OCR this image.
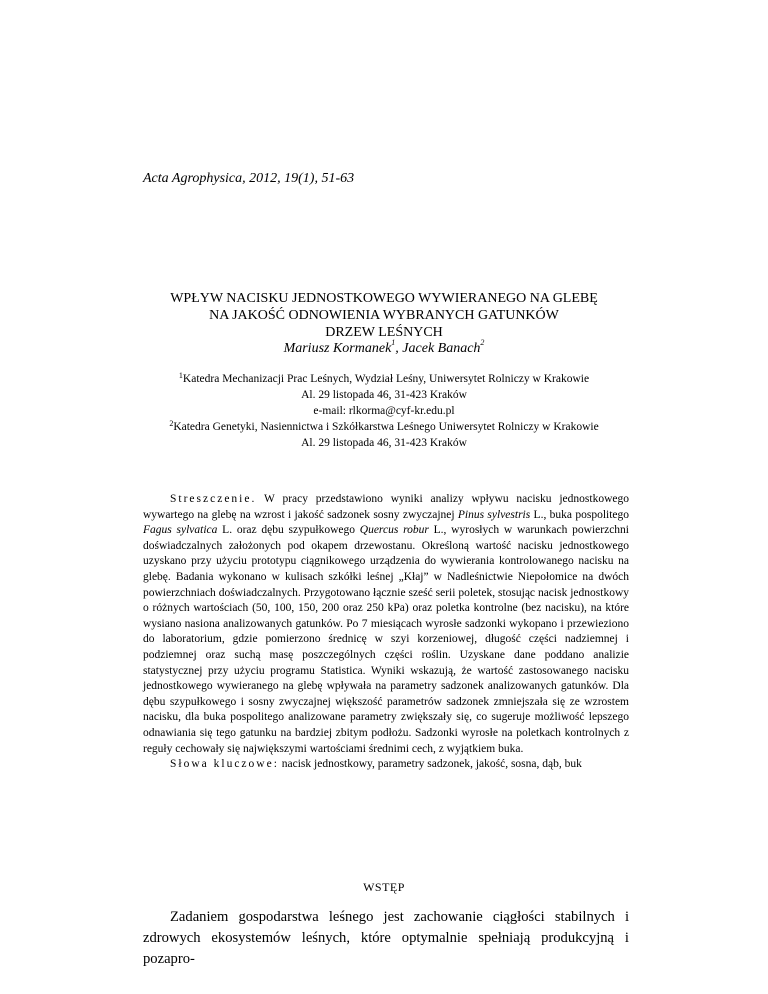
Acta Agrophysica, 2012, 19(1), 51-63
WPŁYW NACISKU JEDNOSTKOWEGO WYWIERANEGO NA GLEBĘ
NA JAKOŚĆ ODNOWIENIA WYBRANYCH GATUNKÓW
DRZEW LEŚNYCH
Mariusz Kormanek$^1$, Jacek Banach$^2$
$^1$Katedra Mechanizacji Prac Leśnych, Wydział Leśny, Uniwersytet Rolniczy w Krakowie
Al. 29 listopada 46, 31-423 Kraków
e-mail: rlkorma@cyf-kr.edu.pl
$^2$Katedra Genetyki, Nasiennictwa i Szkółkarstwa Leśnego Uniwersytet Rolniczy w Krakowie
Al. 29 listopada 46, 31-423 Kraków

Streszczenie. W pracy przedstawiono wyniki analizy wpływu nacisku jednostkowego wywartego na glebę na wzrost i jakość sadzonek sosny zwyczajnej Pinus sylvestris L., buka pospolitego Fagus sylvatica L. oraz dębu szypułkowego Quercus robur L., wyrosłych w warunkach powierzchni doświadczalnych założonych pod okapem drzewostanu. Określoną wartość nacisku jednostkowego uzyskano przy użyciu prototypu ciągnikowego urządzenia do wywierania kontrolowanego nacisku na glebę. Badania wykonano w kulisach szkółki leśnej „Kłaj” w Nadleśnictwie Niepołomice na dwóch powierzchniach doświadczalnych. Przygotowano łącznie sześć serii poletek, stosując nacisk jednostkowy o różnych wartościach (50, 100, 150, 200 oraz 250 kPa) oraz poletka kontrolne (bez nacisku), na które wysiano nasiona analizowanych gatunków. Po 7 miesiącach wyrosłe sadzonki wykopano i przewieziono do laboratorium, gdzie pomierzono średnicę w szyi korzeniowej, długość części nadziemnej i podziemnej oraz suchą masę poszczególnych części roślin. Uzyskane dane poddano analizie statystycznej przy użyciu programu Statistica. Wyniki wskazują, że wartość zastosowanego nacisku jednostkowego wywieranego na glebę wpływała na parametry sadzonek analizowanych gatunków. Dla dębu szypułkowego i sosny zwyczajnej większość parametrów sadzonek zmniejszała się ze wzrostem nacisku, dla buka pospolitego analizowane parametry zwiększały się, co sugeruje możliwość lepszego odnawiania się tego gatunku na bardziej zbitym podłożu. Sadzonki wyrosłe na poletkach kontrolnych z reguły cechowały się największymi wartościami średnimi cech, z wyjątkiem buka.

Słowa kluczowe: nacisk jednostkowy, parametry sadzonek, jakość, sosna, dąb, buk

WSTĘP

Zadaniem gospodarstwa leśnego jest zachowanie ciągłości stabilnych i zdrowych ekosystemów leśnych, które optymalnie spełniają produkcyjną i pozapro-
